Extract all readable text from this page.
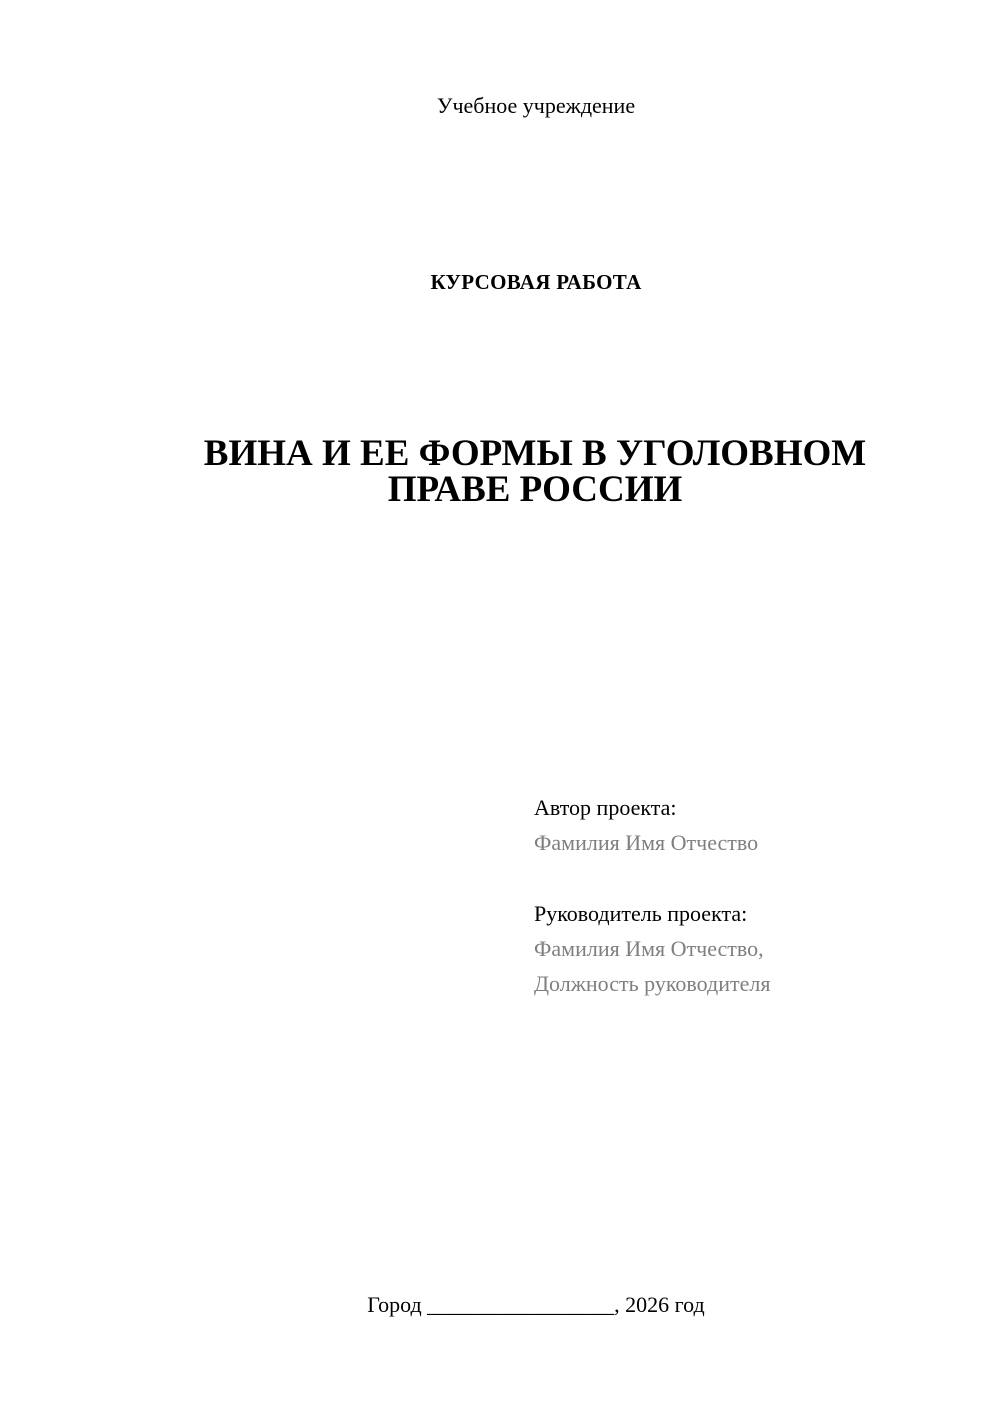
Учебное учреждение
КУРСОВАЯ РАБОТА
ВИНА И ЕЕ ФОРМЫ В УГОЛОВНОМ
ПРАВЕ РОССИИ
Автор проекта:
Фамилия Имя Отчество
Руководитель проекта:
Фамилия Имя Отчество,
Должность руководителя
Город _________________, 2026 год
